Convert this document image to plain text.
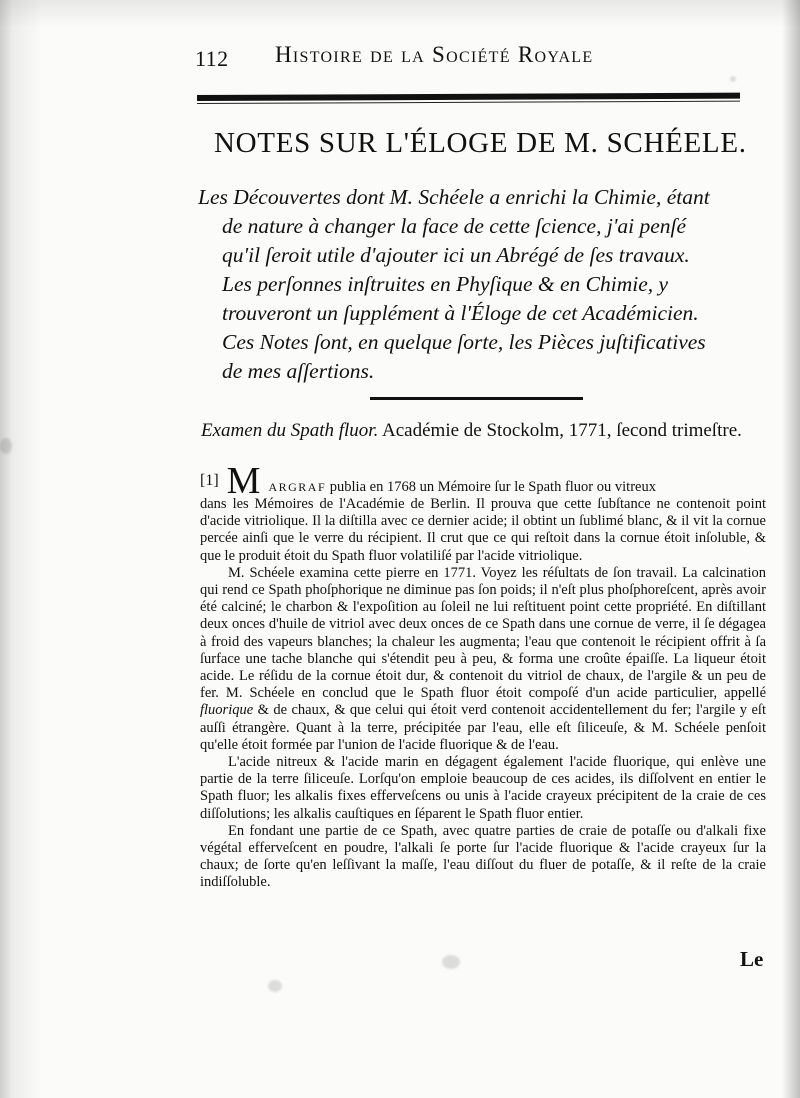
112 Histoire de la Société Royale
NOTES SUR L'ÉLOGE DE M. SCHÉELE.
Les Découvertes dont M. Schéele a enrichi la Chimie, étant
de nature à changer la face de cette ſcience, j'ai penſé
qu'il ſeroit utile d'ajouter ici un Abrégé de ſes travaux.
Les perſonnes inſtruites en Phyſique & en Chimie, y
trouveront un ſupplément à l'Éloge de cet Académicien.
Ces Notes ſont, en quelque ſorte, les Pièces juſtificatives
de mes aſſertions.
Examen du Spath fluor. Académie de Stockolm, 1771, ſecond trimeſtre.
[1] M ARGRAF publia en 1768 un Mémoire ſur le Spath fluor ou vitreux

dans les Mémoires de l'Académie de Berlin. Il prouva que cette ſubſtance ne contenoit point d'acide vitriolique. Il la diſtilla avec ce dernier acide; il obtint un ſublimé blanc, & il vit la cornue percée ainſi que le verre du récipient. Il crut que ce qui reſtoit dans la cornue étoit inſoluble, & que le produit étoit du Spath fluor volatiliſé par l'acide vitriolique.

M. Schéele examina cette pierre en 1771. Voyez les réſultats de ſon travail. La calcination qui rend ce Spath phoſphorique ne diminue pas ſon poids; il n'eſt plus phoſphoreſcent, après avoir été calciné; le charbon & l'expoſition au ſoleil ne lui reſtituent point cette propriété. En diſtillant deux onces d'huile de vitriol avec deux onces de ce Spath dans une cornue de verre, il ſe dégagea à froid des vapeurs blanches; la chaleur les augmenta; l'eau que contenoit le récipient offrit à ſa ſurface une tache blanche qui s'étendit peu à peu, & forma une croûte épaiſſe. La liqueur étoit acide. Le réſidu de la cornue étoit dur, & contenoit du vitriol de chaux, de l'argile & un peu de fer. M. Schéele en conclud que le Spath fluor étoit compoſé d'un acide particulier, appellé fluorique & de chaux, & que celui qui étoit verd contenoit accidentellement du fer; l'argile y eſt auſſi étrangère. Quant à la terre, précipitée par l'eau, elle eſt ſiliceuſe, & M. Schéele penſoit qu'elle étoit formée par l'union de l'acide fluorique & de l'eau.

L'acide nitreux & l'acide marin en dégagent également l'acide fluorique, qui enlève une partie de la terre ſiliceuſe. Lorſqu'on emploie beaucoup de ces acides, ils diſſolvent en entier le Spath fluor; les alkalis fixes efferveſcens ou unis à l'acide crayeux précipitent de la craie de ces diſſolutions; les alkalis cauſtiques en ſéparent le Spath fluor entier.

En fondant une partie de ce Spath, avec quatre parties de craie de potaſſe ou d'alkali fixe végétal efferveſcent en poudre, l'alkali ſe porte ſur l'acide fluorique & l'acide crayeux ſur la chaux; de ſorte qu'en leſſivant la maſſe, l'eau diſſout du fluer de potaſſe, & il reſte de la craie indiſſoluble.

Le
